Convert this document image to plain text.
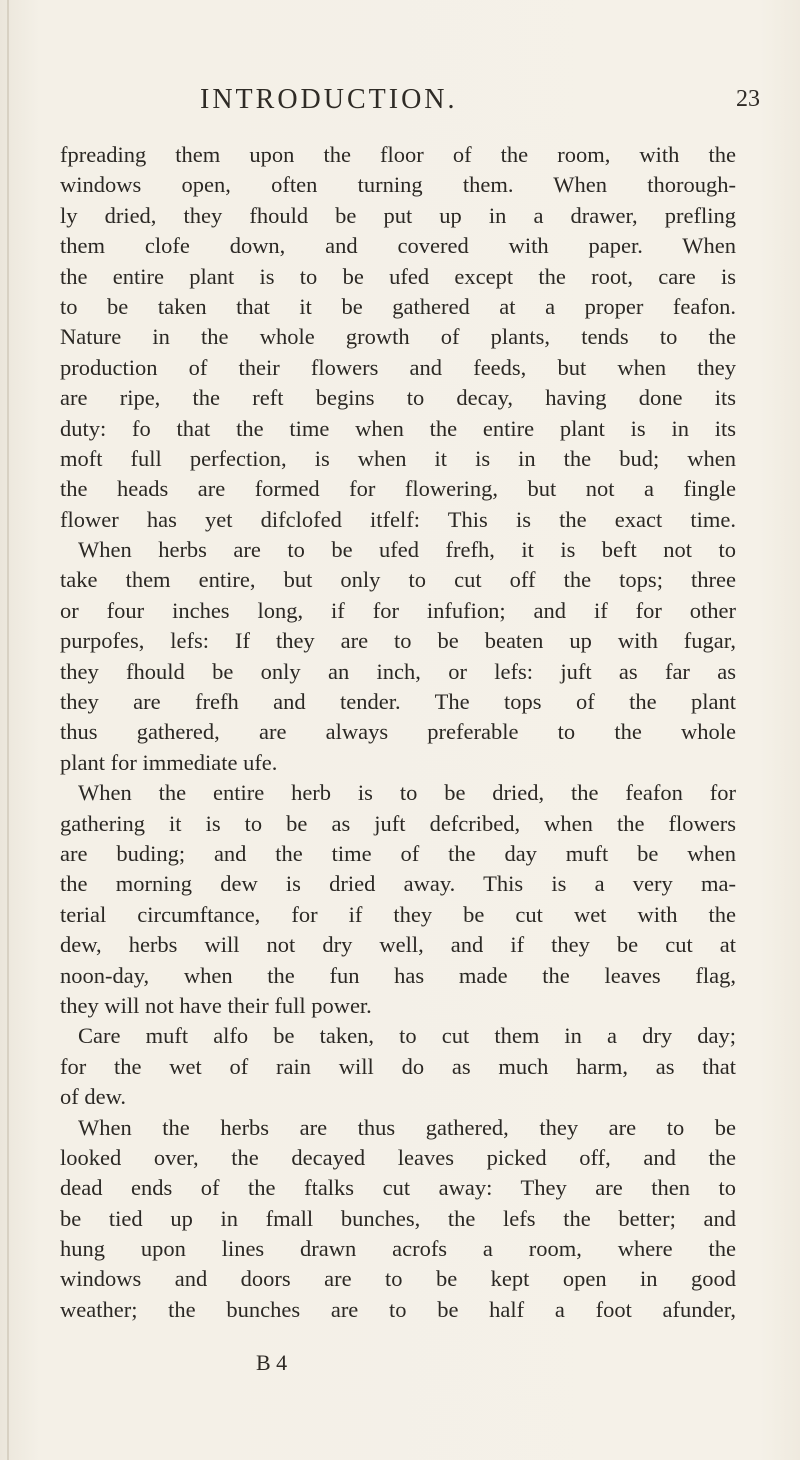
INTRODUCTION.	23
fpreading them upon the floor of the room, with the
windows open, often turning them. When thorough-
ly dried, they fhould be put up in a drawer, prefling
them clofe down, and covered with paper. When
the entire plant is to be ufed except the root, care is
to be taken that it be gathered at a proper feafon.
Nature in the whole growth of plants, tends to the
production of their flowers and feeds, but when they
are ripe, the reft begins to decay, having done its
duty: fo that the time when the entire plant is in its
moft full perfection, is when it is in the bud; when
the heads are formed for flowering, but not a fingle
flower has yet difclofed itfelf: This is the exact time.
When herbs are to be ufed frefh, it is beft not to
take them entire, but only to cut off the tops; three
or four inches long, if for infufion; and if for other
purpofes, lefs: If they are to be beaten up with fugar,
they fhould be only an inch, or lefs: juft as far as
they are frefh and tender. The tops of the plant
thus gathered, are always preferable to the whole
plant for immediate ufe.
When the entire herb is to be dried, the feafon for
gathering it is to be as juft defcribed, when the flowers
are buding; and the time of the day muft be when
the morning dew is dried away. This is a very ma-
terial circumftance, for if they be cut wet with the
dew, herbs will not dry well, and if they be cut at
noon-day, when the fun has made the leaves flag,
they will not have their full power.
Care muft alfo be taken, to cut them in a dry day;
for the wet of rain will do as much harm, as that
of dew.
When the herbs are thus gathered, they are to be
looked over, the decayed leaves picked off, and the
dead ends of the ftalks cut away: They are then to
be tied up in fmall bunches, the lefs the better; and
hung upon lines drawn acrofs a room, where the
windows and doors are to be kept open in good
weather; the bunches are to be half a foot afunder,
B 4
